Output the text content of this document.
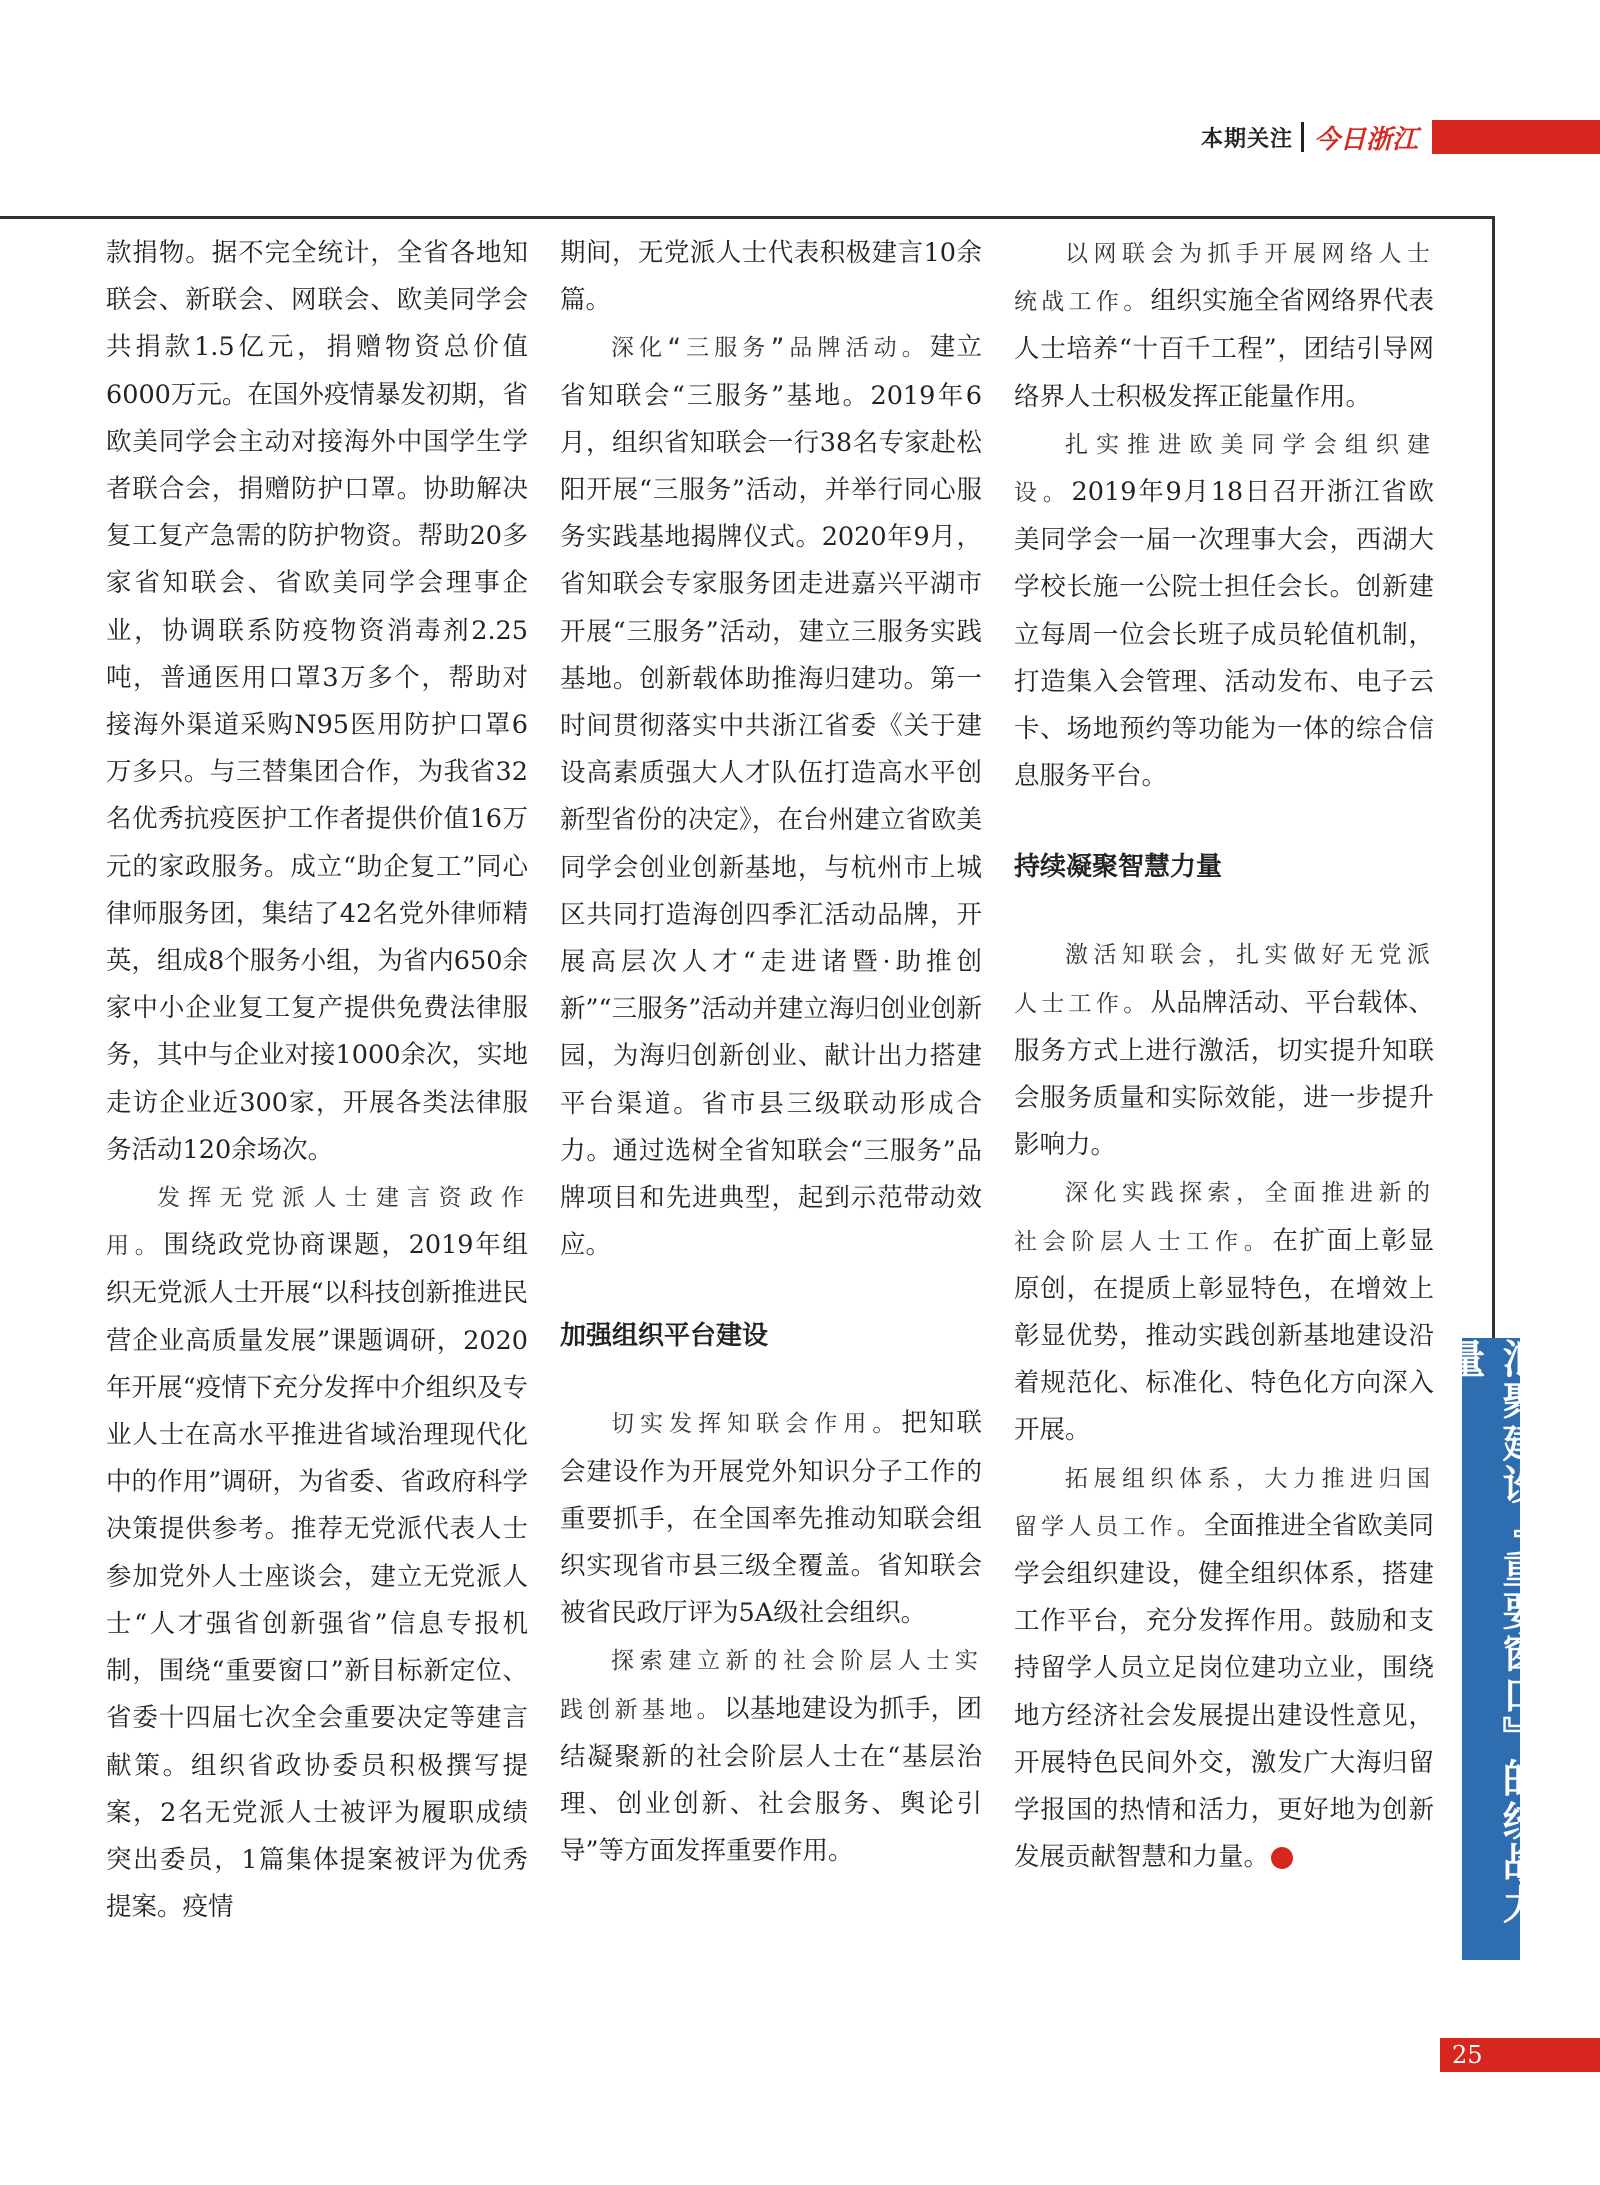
本期关注 今日浙江

款捐物。据不完全统计，全省各地知联会、新联会、网联会、欧美同学会共捐款1.5亿元，捐赠物资总价值6000万元。在国外疫情暴发初期，省欧美同学会主动对接海外中国学生学者联合会，捐赠防护口罩。协助解决复工复产急需的防护物资。帮助20多家省知联会、省欧美同学会理事企业，协调联系防疫物资消毒剂2.25吨，普通医用口罩3万多个，帮助对接海外渠道采购N95医用防护口罩6万多只。与三替集团合作，为我省32名优秀抗疫医护工作者提供价值16万元的家政服务。成立“助企复工”同心律师服务团，集结了42名党外律师精英，组成8个服务小组，为省内650余家中小企业复工复产提供免费法律服务，其中与企业对接1000余次，实地走访企业近300家，开展各类法律服务活动120余场次。

发挥无党派人士建言资政作用。围绕政党协商课题，2019年组织无党派人士开展“以科技创新推进民营企业高质量发展”课题调研，2020年开展“疫情下充分发挥中介组织及专业人士在高水平推进省域治理现代化中的作用”调研，为省委、省政府科学决策提供参考。推荐无党派代表人士参加党外人士座谈会，建立无党派人士“人才强省创新强省”信息专报机制，围绕“重要窗口”新目标新定位、省委十四届七次全会重要决定等建言献策。组织省政协委员积极撰写提案，2名无党派人士被评为履职成绩突出委员，1篇集体提案被评为优秀提案。疫情

期间，无党派人士代表积极建言10余篇。

深化“三服务”品牌活动。建立省知联会“三服务”基地。2019年6月，组织省知联会一行38名专家赴松阳开展“三服务”活动，并举行同心服务实践基地揭牌仪式。2020年9月，省知联会专家服务团走进嘉兴平湖市开展“三服务”活动，建立三服务实践基地。创新载体助推海归建功。第一时间贯彻落实中共浙江省委《关于建设高素质强大人才队伍打造高水平创新型省份的决定》，在台州建立省欧美同学会创业创新基地，与杭州市上城区共同打造海创四季汇活动品牌，开展高层次人才“走进诸暨·助推创新”“三服务”活动并建立海归创业创新园，为海归创新创业、献计出力搭建平台渠道。省市县三级联动形成合力。通过选树全省知联会“三服务”品牌项目和先进典型，起到示范带动效应。

加强组织平台建设

切实发挥知联会作用。把知联会建设作为开展党外知识分子工作的重要抓手，在全国率先推动知联会组织实现省市县三级全覆盖。省知联会被省民政厅评为5A级社会组织。

探索建立新的社会阶层人士实践创新基地。以基地建设为抓手，团结凝聚新的社会阶层人士在“基层治理、创业创新、社会服务、舆论引导”等方面发挥重要作用。

以网联会为抓手开展网络人士统战工作。组织实施全省网络界代表人士培养“十百千工程”，团结引导网络界人士积极发挥正能量作用。

扎实推进欧美同学会组织建设。2019年9月18日召开浙江省欧美同学会一届一次理事大会，西湖大学校长施一公院士担任会长。创新建立每周一位会长班子成员轮值机制，打造集入会管理、活动发布、电子云卡、场地预约等功能为一体的综合信息服务平台。

持续凝聚智慧力量

激活知联会，扎实做好无党派人士工作。从品牌活动、平台载体、服务方式上进行激活，切实提升知联会服务质量和实际效能，进一步提升影响力。

深化实践探索，全面推进新的社会阶层人士工作。在扩面上彰显原创，在提质上彰显特色，在增效上彰显优势，推动实践创新基地建设沿着规范化、标准化、特色化方向深入开展。

拓展组织体系，大力推进归国留学人员工作。全面推进全省欧美同学会组织建设，健全组织体系，搭建工作平台，充分发挥作用。鼓励和支持留学人员立足岗位建功立业，围绕地方经济社会发展提出建设性意见，开展特色民间外交，激发广大海归留学报国的热情和活力，更好地为创新发展贡献智慧和力量。	汇聚建设『重要窗口』的统战力量
25
